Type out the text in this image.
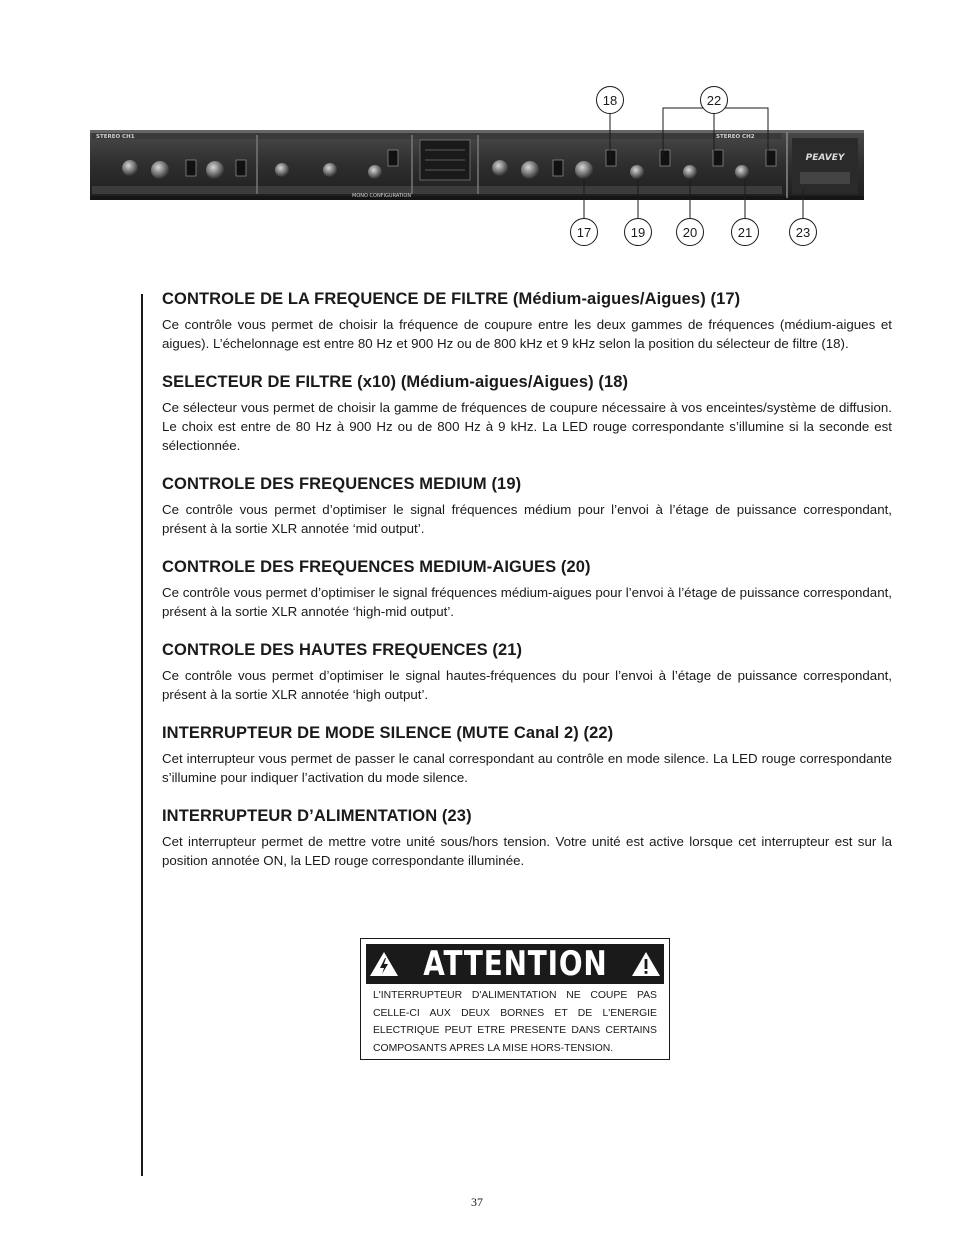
STEREO CH1	STEREO CH2
MONO CONFIGURATION
PEAVEY
18	22
17	19	20	21	23
CONTROLE DE LA FREQUENCE DE FILTRE (Médium-aigues/Aigues) (17)

Ce contrôle vous permet de choisir la fréquence de coupure entre les deux gammes de fréquences (médium-aigues et aigues). L’échelonnage est entre 80 Hz et 900 Hz ou de 800 kHz et 9 kHz selon la position du sélecteur de filtre (18).

SELECTEUR DE FILTRE (x10) (Médium-aigues/Aigues) (18)

Ce sélecteur vous permet de choisir la gamme de fréquences de coupure nécessaire à vos enceintes/système de diffusion. Le choix est entre de 80 Hz à 900 Hz ou de 800 Hz à 9 kHz. La LED rouge correspondante s’illumine si la seconde est sélectionnée.

CONTROLE DES FREQUENCES MEDIUM (19)

Ce contrôle vous permet d’optimiser le signal fréquences médium pour l’envoi à l’étage de puissance correspondant, présent à la sortie XLR annotée ‘mid output’.

CONTROLE DES FREQUENCES MEDIUM-AIGUES (20)

Ce contrôle vous permet d’optimiser le signal fréquences médium-aigues pour l’envoi à l’étage de puissance correspondant, présent à la sortie XLR annotée ‘high-mid output’.

CONTROLE DES HAUTES FREQUENCES (21)

Ce contrôle vous permet d’optimiser le signal hautes-fréquences du pour l’envoi à l’étage de puissance correspondant, présent à la sortie XLR annotée ‘high output’.

INTERRUPTEUR DE MODE SILENCE (MUTE Canal 2) (22)

Cet interrupteur vous permet de passer le canal correspondant au contrôle en mode silence. La LED rouge correspondante s’illumine pour indiquer l’activation du mode silence.

INTERRUPTEUR D’ALIMENTATION (23)

Cet interrupteur permet de mettre votre unité sous/hors tension. Votre unité est active lorsque cet interrupteur est sur la position annotée ON, la LED rouge correspondante illuminée.

ATTENTION
L'INTERRUPTEUR D'ALIMENTATION NE COUPE PAS CELLE-CI AUX DEUX BORNES ET DE L'ENERGIE ELECTRIQUE PEUT ETRE PRESENTE DANS CERTAINS COMPOSANTS APRES LA MISE HORS-TENSION.
37
